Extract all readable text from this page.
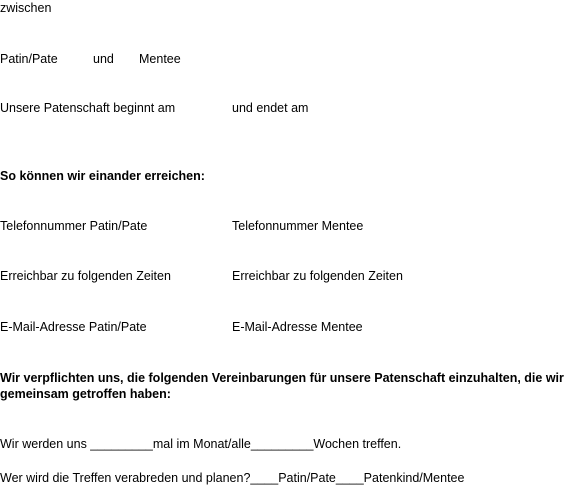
zwischen
Patin/Pate	und Mentee
Unsere Patenschaft beginnt am	und endet am
So können wir einander erreichen:
Telefonnummer Patin/Pate	Telefonnummer Mentee
Erreichbar zu folgenden Zeiten	Erreichbar zu folgenden Zeiten
E-Mail-Adresse Patin/Pate	E-Mail-Adresse Mentee
Wir verpflichten uns, die folgenden Vereinbarungen für unsere Patenschaft einzuhalten, die wir gemeinsam getroffen haben:
Wir werden uns _________mal im Monat/alle_________Wochen treffen.
Wer wird die Treffen verabreden und planen?____Patin/Pate____Patenkind/Mentee
